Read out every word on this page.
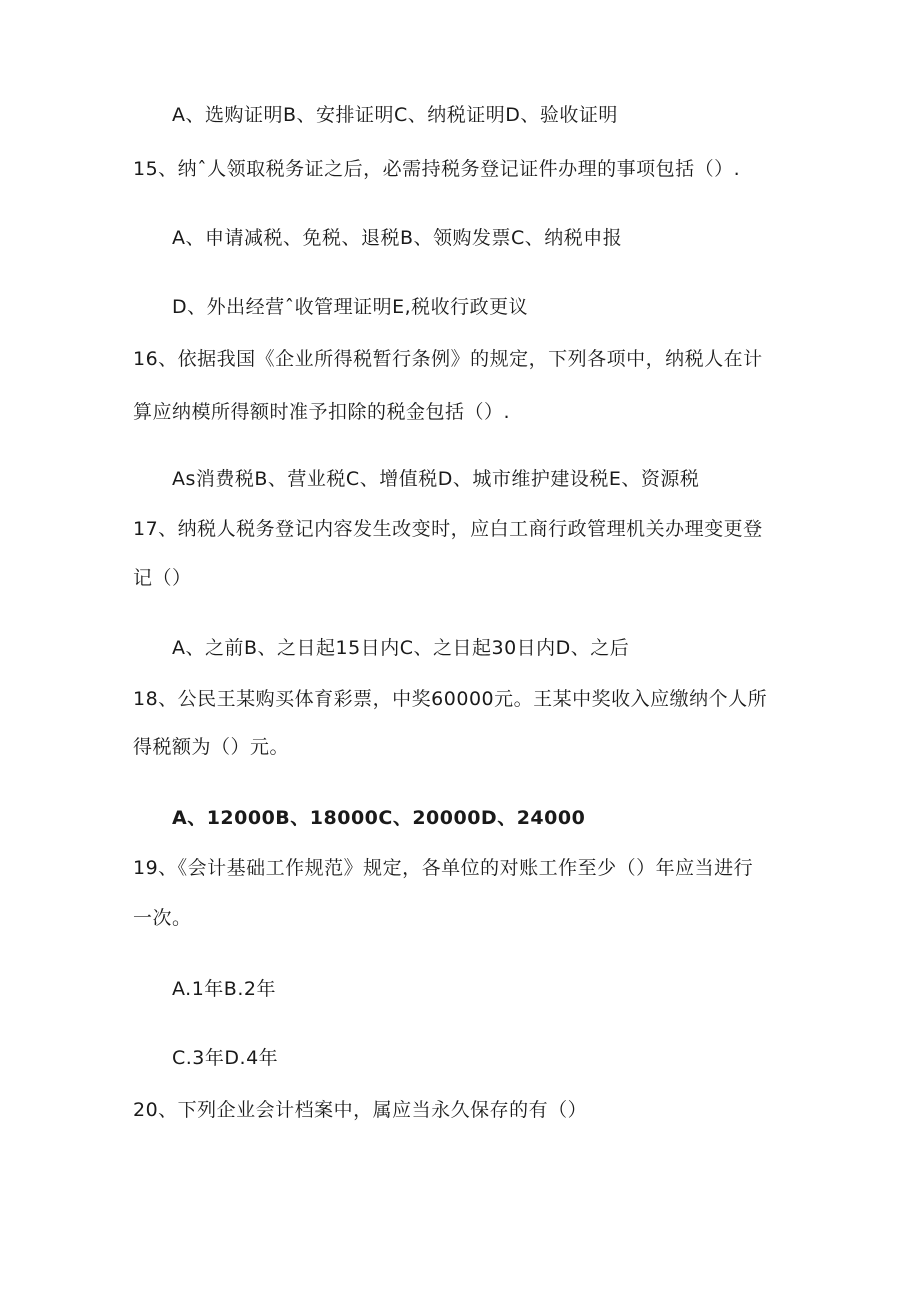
A、选购证明B、安排证明C、纳税证明D、验收证明
15、纳ˆ人领取税务证之后，必需持税务登记证件办理的事项包括（）.
A、申请减税、免税、退税B、领购发票C、纳税申报
D、外出经营ˆ收管理证明E,税收行政更议
16、依据我国《企业所得税暂行条例》的规定，下列各项中，纳税人在计
算应纳模所得额时准予扣除的税金包括（）.
As消费税B、营业税C、增值税D、城市维护建设税E、资源税
17、纳税人税务登记内容发生改变时，应白工商行政管理机关办理变更登
记（）
A、之前B、之日起15日内C、之日起30日内D、之后
18、公民王某购买体育彩票，中奖60000元。王某中奖收入应缴纳个人所
得税额为（）元。
A、12000B、18000C、20000D、24000
19、《会计基础工作规范》规定，各单位的对账工作至少（）年应当进行
一次。
A.1年B.2年
C.3年D.4年
20、下列企业会计档案中，属应当永久保存的有（）
